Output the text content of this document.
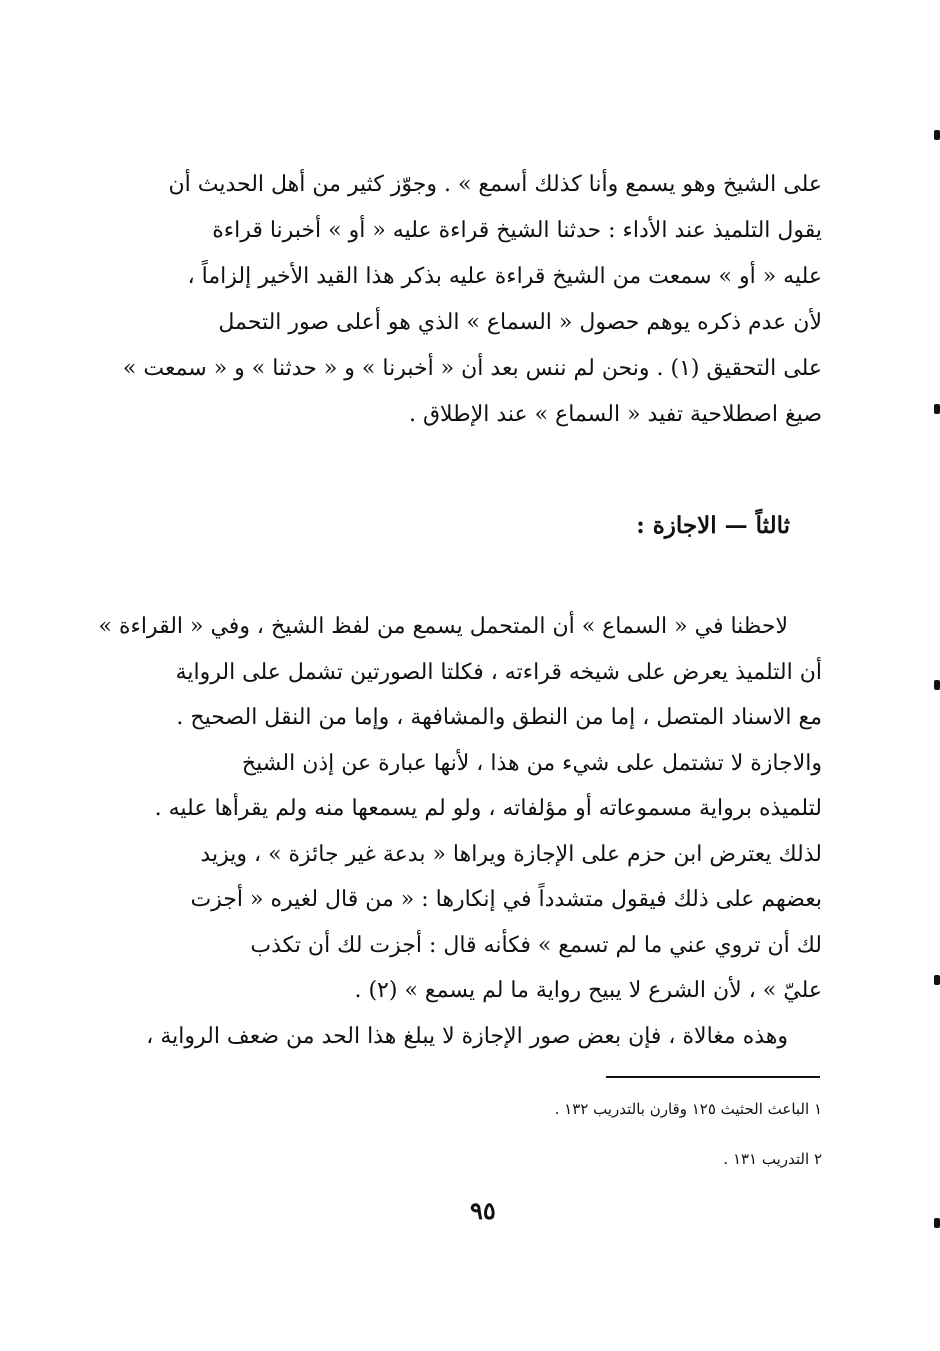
على الشيخ وهو يسمع وأنا كذلك أسمع » . وجوّز كثير من أهل الحديث أن
يقول التلميذ عند الأداء : حدثنا الشيخ قراءة عليه « أو » أخبرنا قراءة
عليه « أو » سمعت من الشيخ قراءة عليه بذكر هذا القيد الأخير إلزاماً ،
لأن عدم ذكره يوهم حصول « السماع » الذي هو أعلى صور التحمل
على التحقيق (١) . ونحن لم ننس بعد أن « أخبرنا » و « حدثنا » و « سمعت »
صيغ اصطلاحية تفيد « السماع » عند الإطلاق .
ثالثاً — الاجازة :
لاحظنا في « السماع » أن المتحمل يسمع من لفظ الشيخ ، وفي « القراءة »
أن التلميذ يعرض على شيخه قراءته ، فكلتا الصورتين تشمل على الرواية
مع الاسناد المتصل ، إما من النطق والمشافهة ، وإما من النقل الصحيح .
والاجازة لا تشتمل على شيء من هذا ، لأنها عبارة عن إذن الشيخ
لتلميذه برواية مسموعاته أو مؤلفاته ، ولو لم يسمعها منه ولم يقرأها عليه .
لذلك يعترض ابن حزم على الإجازة ويراها « بدعة غير جائزة » ، ويزيد
بعضهم على ذلك فيقول متشدداً في إنكارها : « من قال لغيره « أجزت
لك أن تروي عني ما لم تسمع » فكأنه قال : أجزت لك أن تكذب
عليّ » ، لأن الشرع لا يبيح رواية ما لم يسمع » (٢) .
وهذه مغالاة ، فإن بعض صور الإجازة لا يبلغ هذا الحد من ضعف الرواية ،
١ الباعث الحثيث ١٢٥ وقارن بالتدريب ١٣٢ .
٢ التدريب ١٣١ .
٩٥
